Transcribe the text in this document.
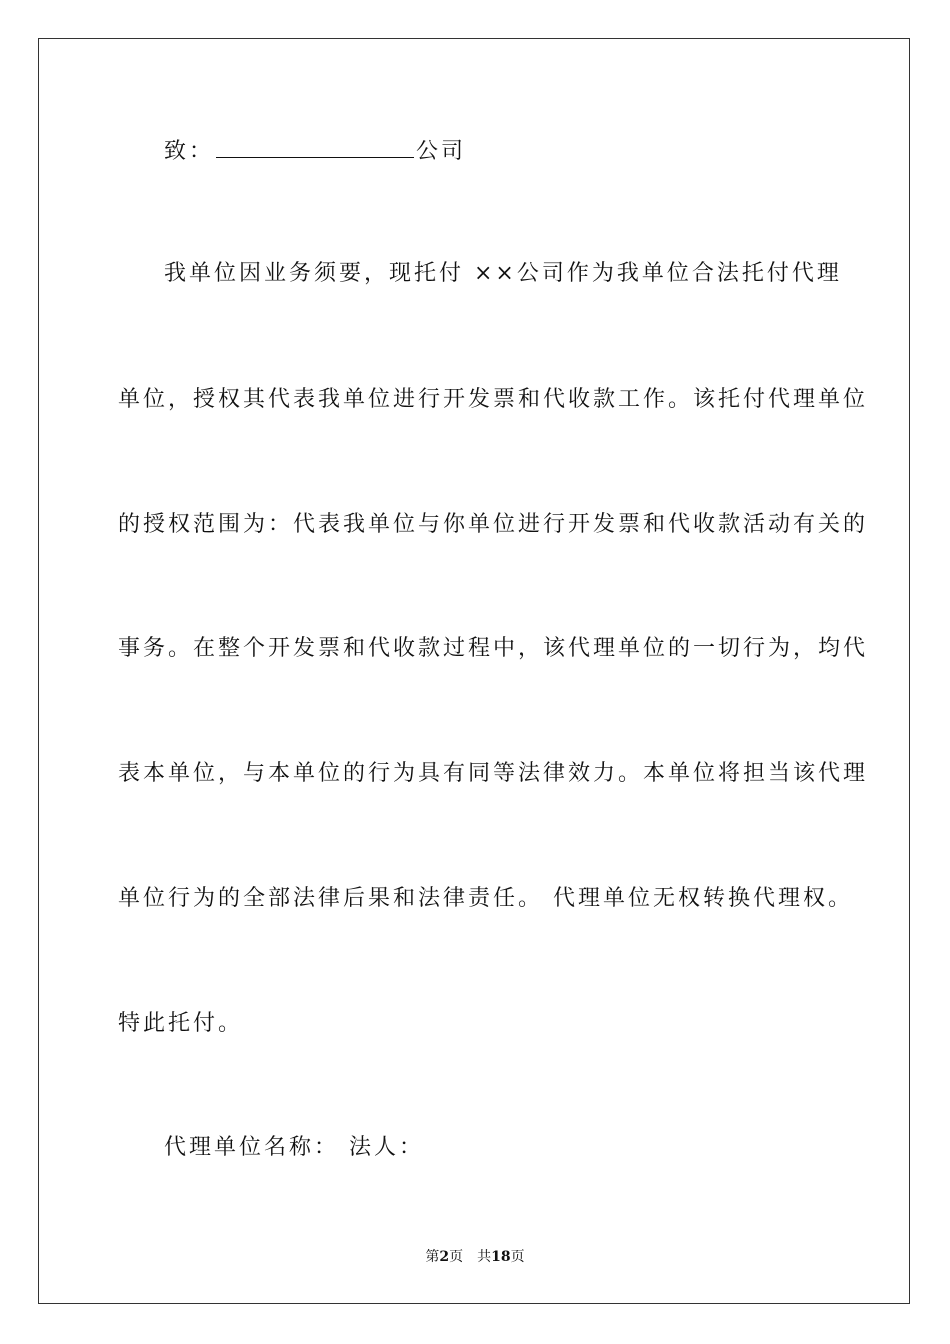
致：	公司
我单位因业务须要，现托付 ××公司作为我单位合法托付代理
单位，授权其代表我单位进行开发票和代收款工作。该托付代理单位
的授权范围为：代表我单位与你单位进行开发票和代收款活动有关的
事务。在整个开发票和代收款过程中，该代理单位的一切行为，均代
表本单位，与本单位的行为具有同等法律效力。本单位将担当该代理
单位行为的全部法律后果和法律责任。 代理单位无权转换代理权。
特此托付。
代理单位名称： 法人：
第2页 共18页
